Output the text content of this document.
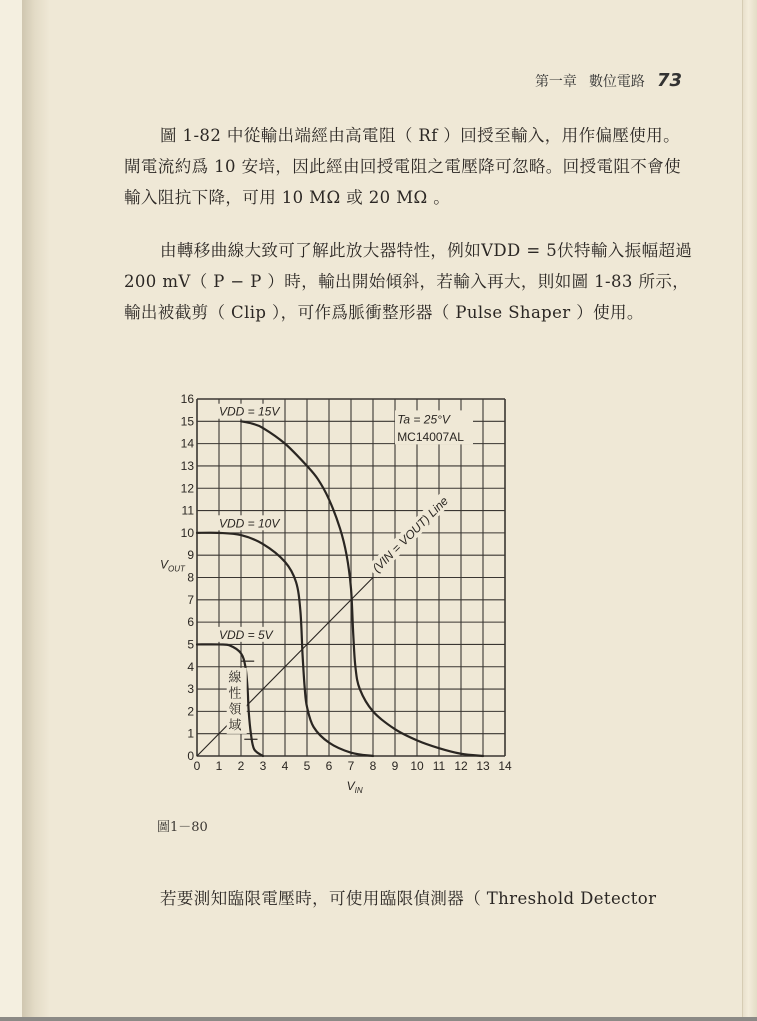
第一章 數位電路 73

圖 1-82 中從輸出端經由高電阻（ Rf ）回授至輸入，用作偏壓使用。閘電流約爲 10 安培，因此經由回授電阻之電壓降可忽略。回授電阻不會使輸入阻抗下降，可用 10 MΩ 或 20 MΩ 。

由轉移曲線大致可了解此放大器特性，例如VDD = 5伏特輸入振幅超過200 mV（ P − P ）時，輸出開始傾斜，若輸入再大，則如圖 1-83 所示，輸出被截剪（ Clip ），可作爲脈衝整形器（ Pulse Shaper ）使用。

0 1 2 3 4 5 6 7 8 9 10 11 12 13 14
0
1
2
3
4
5
6
7
8
9
10
11
12
13
14
15
16
VDD = 15V
VDD = 10V
VDD = 5V
Ta = 25°V
MC14007AL
(VIN = VOUT) Line
線
性
領
域
V OUT
V IN
圖1－80

若要測知臨限電壓時，可使用臨限偵測器（ Threshold Detector
